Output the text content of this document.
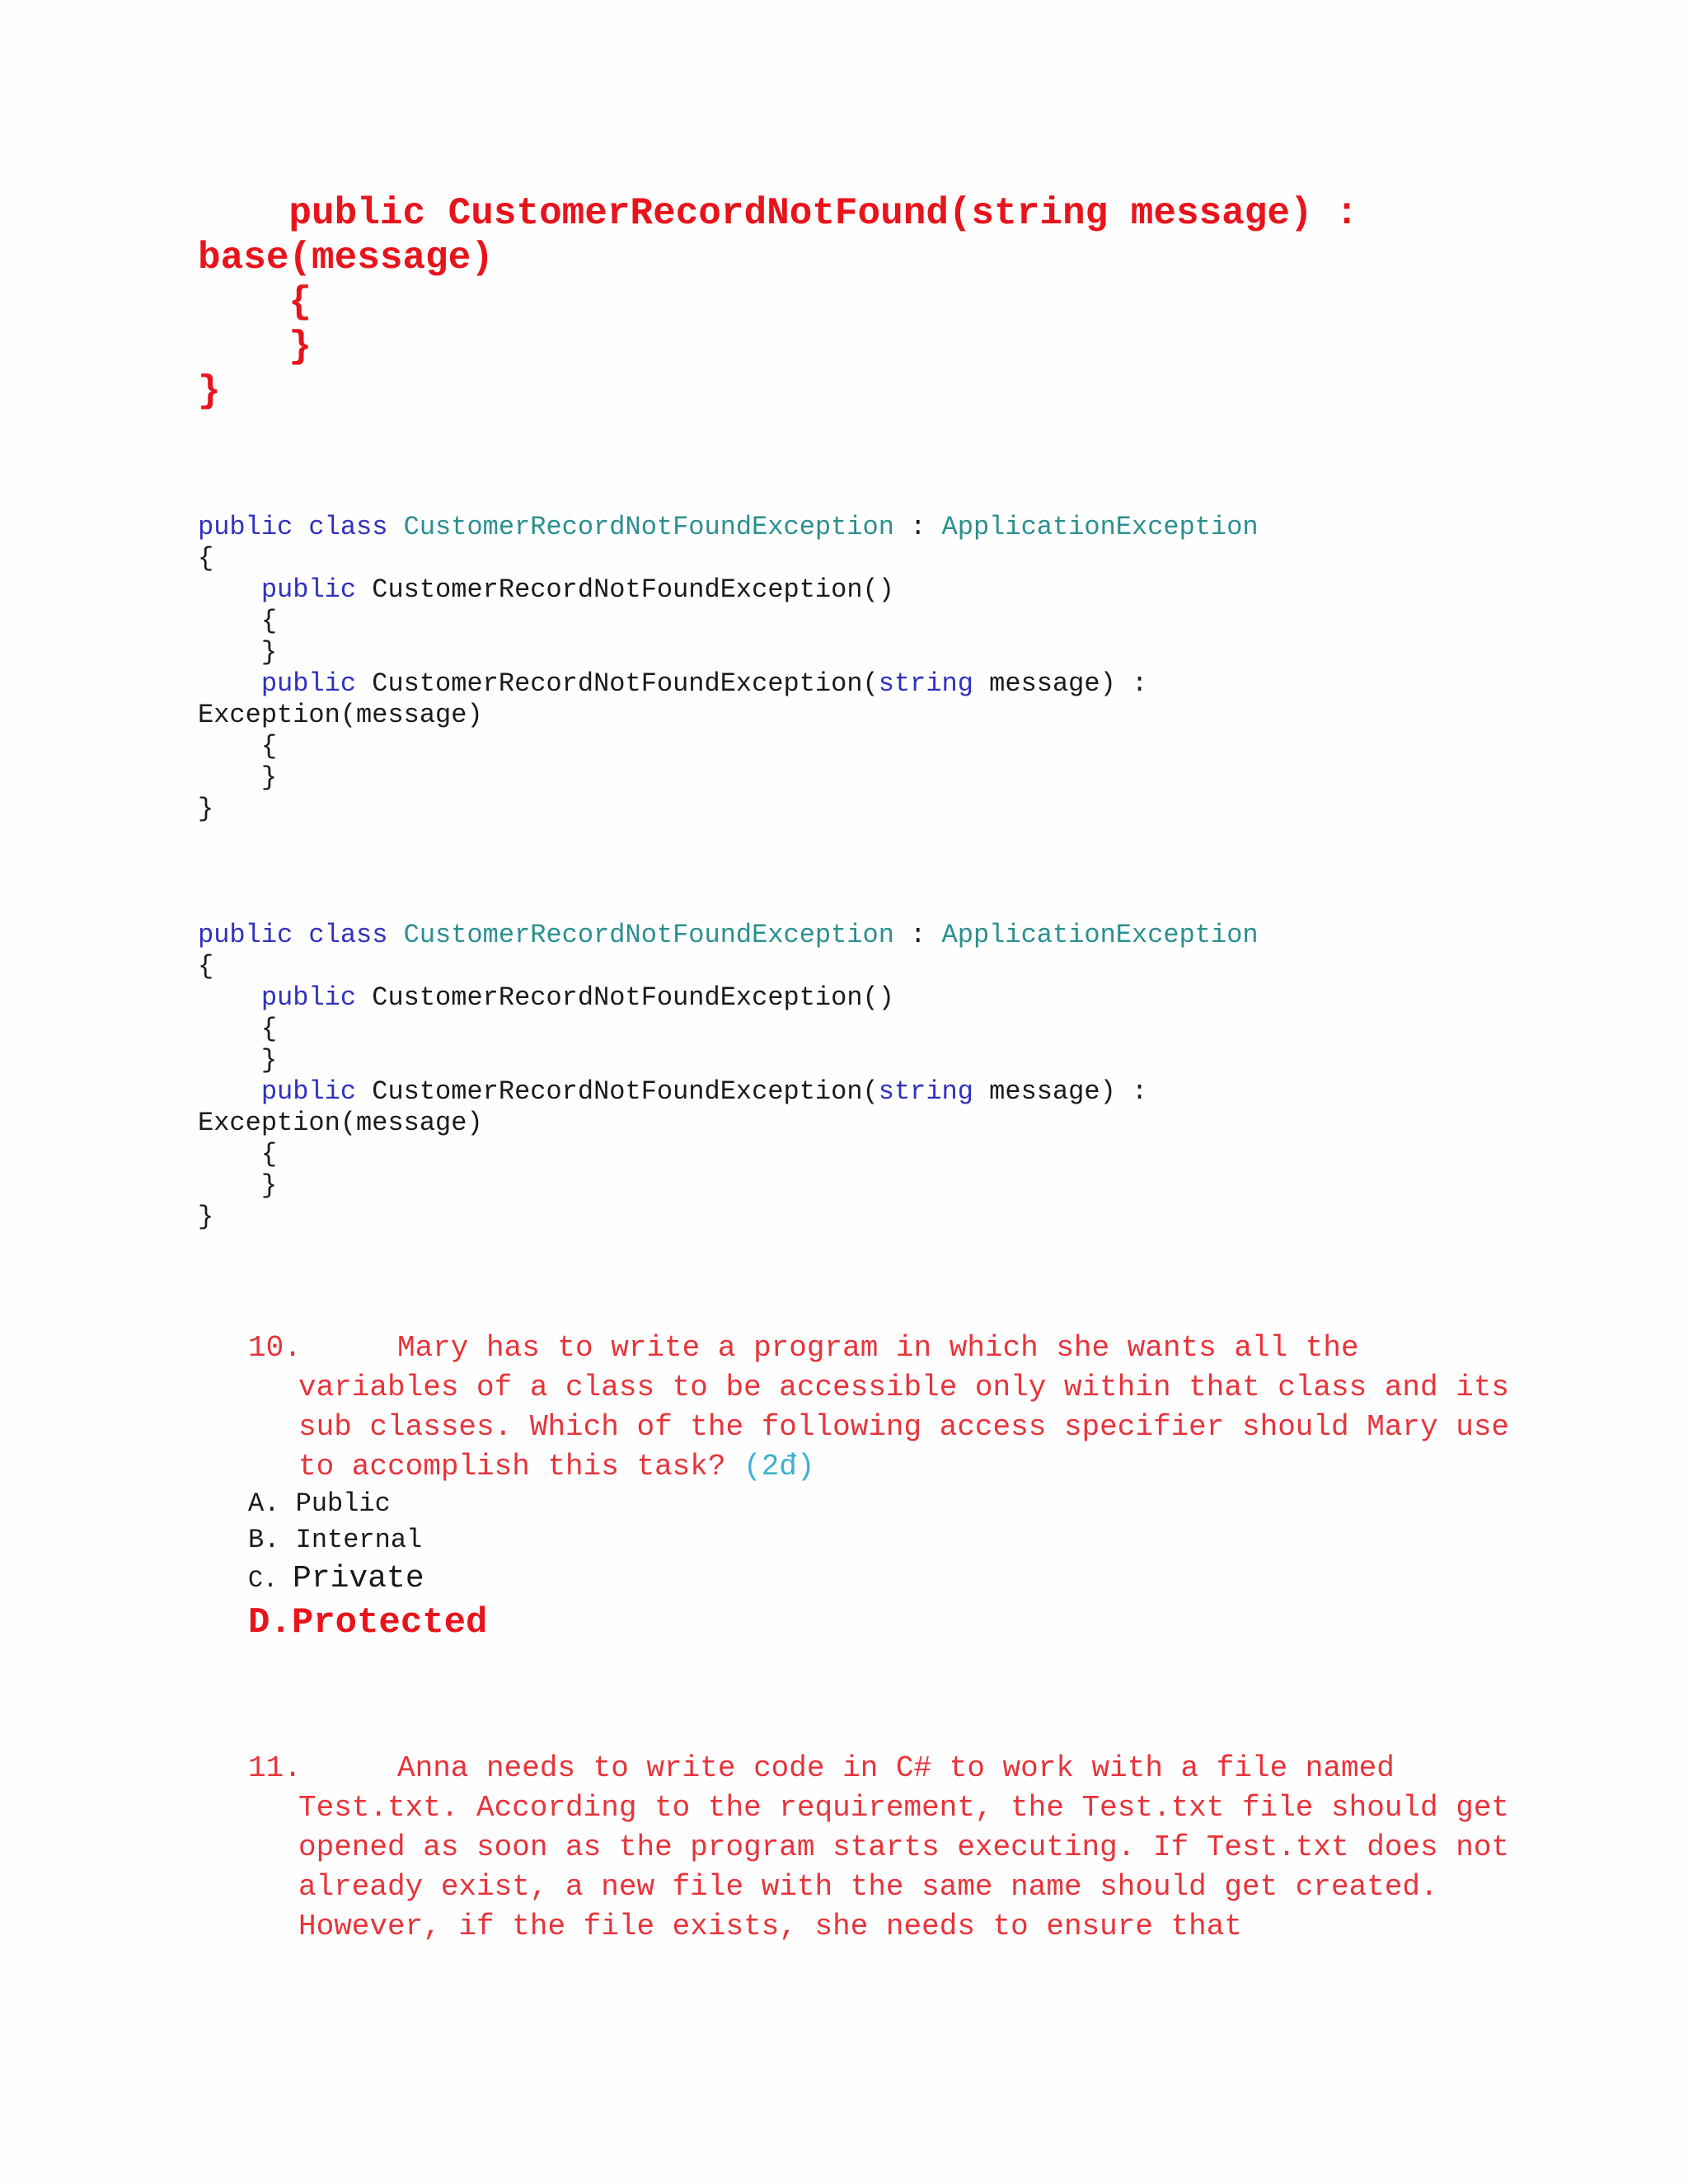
public CustomerRecordNotFound(string message) :
base(message)
{
}
}
public class CustomerRecordNotFoundException : ApplicationException
{
public CustomerRecordNotFoundException()
{
}
public CustomerRecordNotFoundException(string message) :
Exception(message)
{
}
}
public class CustomerRecordNotFoundException : ApplicationException
{
public CustomerRecordNotFoundException()
{
}
public CustomerRecordNotFoundException(string message) :
Exception(message)
{
}
}
10.	Mary has to write a program in which she wants all the variables of a class to be accessible only within that class and its sub classes. Which of the following access specifier should Mary use to accomplish this task? (2đ)
A. Public
B. Internal
C. Private
D.Protected
11.	Anna needs to write code in C# to work with a file named Test.txt. According to the requirement, the Test.txt file should get opened as soon as the program starts executing. If Test.txt does not already exist, a new file with the same name should get created. However, if the file exists, she needs to ensure that
